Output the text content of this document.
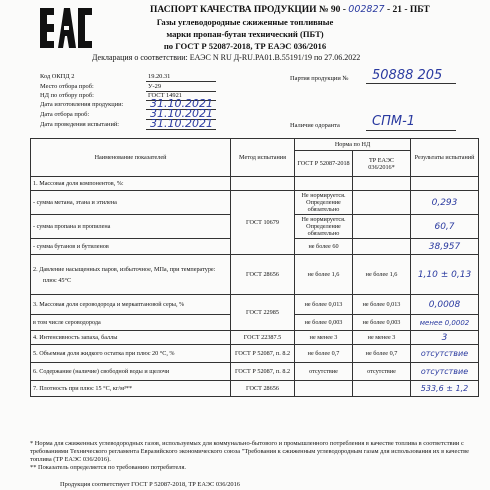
ПАСПОРТ КАЧЕСТВА ПРОДУКЦИИ № 90 - 002827 - 21 - ПБТ
Газы углеводородные сжиженные топливные
марки пропан-бутан технический (ПБТ)
по ГОСТ Р 52087-2018, ТР ЕАЭС 036/2016
Декларация о соответствии: ЕАЭС N RU Д-RU.PA01.B.55191/19 по 27.06.2022
Код ОКПД 2	19.20.31
Место отбора проб:	У-29
НД по отбору проб:	ГОСТ 14921
Дата изготовления продукции: 31.10.2021
Дата отбора проб:	31.10.2021
Дата проведения испытаний:	31.10.2021
Партия продукции № 50888 205
Наличие одоранта СПМ-1
Наименование показателей	Метод испытания	Норма по НД		Результаты испытаний
		ГОСТ Р 52087-2018	ТР ЕАЭС 036/2016*	
1. Массовая доля компонентов, %:				
- сумма метана, этана и этилена	ГОСТ 10679	Не нормируется. Определение обязательно		0,293
- сумма пропана и пропилена		Не нормируется. Определение обязательно		60,7
- сумма бутанов и бутиленов		не более 60		38,957

2. Давление насыщенных паров, избыточное, МПа, при температуре:
плюс 45°C	ГОСТ 28656	не более 1,6	не более 1,6	1,10 ± 0,13
3. Массовая доля сероводорода и меркаптановой серы, %	ГОСТ 22985	не более 0,013	не более 0,013	0,0008
в том числе сероводорода		не более 0,003	не более 0,003	менее 0,0002
4. Интенсивность запаха, баллы	ГОСТ 22387.5	не менее 3	не менее 3	3
5. Объемная доля жидкого остатка при плюс 20 °C, %	ГОСТ Р 52087, п. 8.2	не более 0,7	не более 0,7	отсутствие
6. Содержание (наличие) свободной воды и щелочи	ГОСТ Р 52087, п. 8.2	отсутствие	отсутствие	отсутствие
7. Плотность при плюс 15 °C, кг/м³**	ГОСТ 28656			533,6 ± 1,2
* Норма для сжиженных углеводородных газов, используемых для коммунально-бытового и промышленного потребления в качестве топлива в соответствии с требованиями Технического регламента Евразийского экономического союза "Требования к сжиженным углеводородным газам для использования их в качестве топлива (ТР ЕАЭС 036/2016).
** Показатель определяется по требованию потребителя.
Продукция соответствует ГОСТ Р 52087-2018, ТР ЕАЭС 036/2016
